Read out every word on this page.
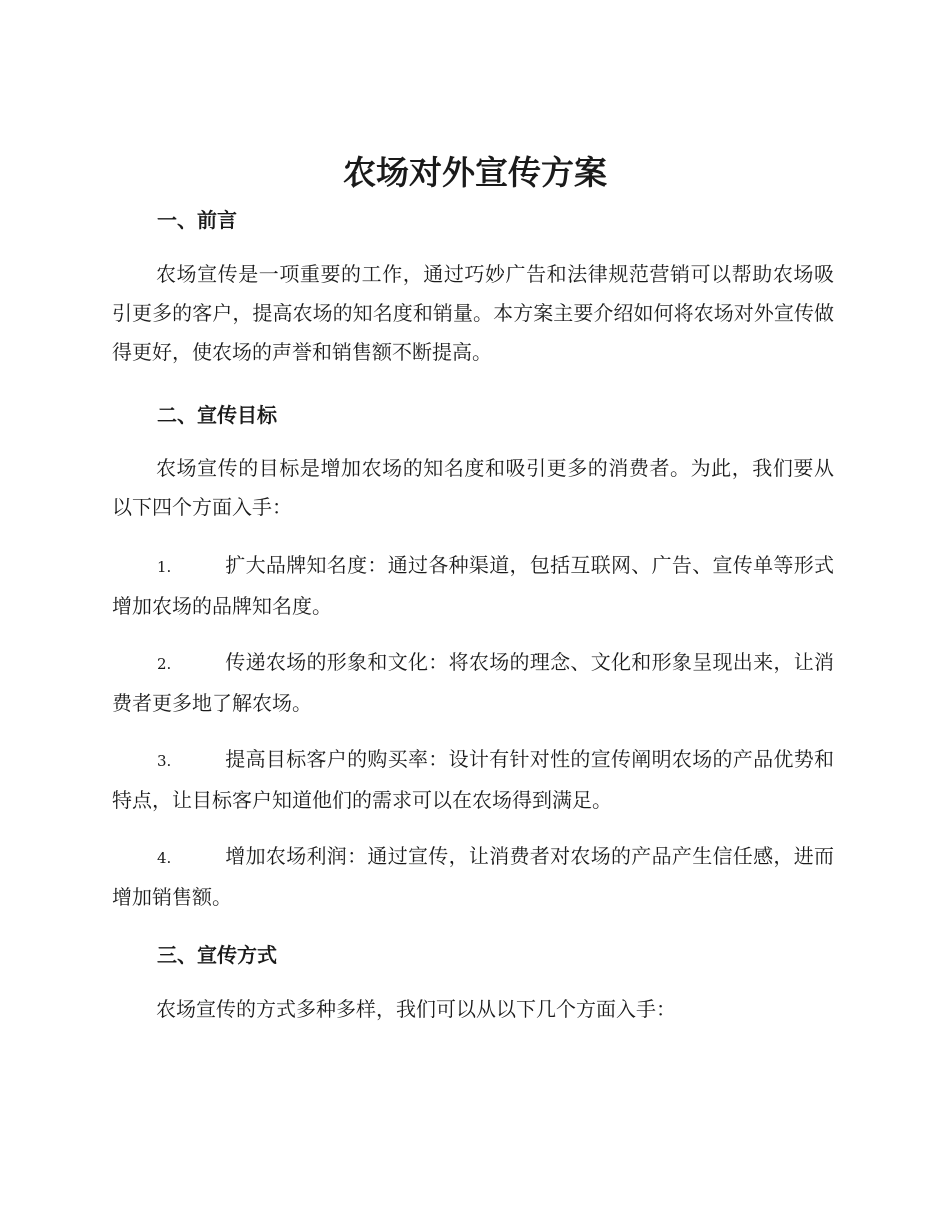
农场对外宣传方案
一、前言

农场宣传是一项重要的工作，通过巧妙广告和法律规范营销可以帮助农场吸引更多的客户，提高农场的知名度和销量。本方案主要介绍如何将农场对外宣传做得更好，使农场的声誉和销售额不断提高。

二、宣传目标

农场宣传的目标是增加农场的知名度和吸引更多的消费者。为此，我们要从以下四个方面入手：

1.	扩大品牌知名度：通过各种渠道，包括互联网、广告、宣传单等形式增加农场的品牌知名度。

2.	传递农场的形象和文化：将农场的理念、文化和形象呈现出来，让消费者更多地了解农场。

3.	提高目标客户的购买率：设计有针对性的宣传阐明农场的产品优势和特点，让目标客户知道他们的需求可以在农场得到满足。

4.	增加农场利润：通过宣传，让消费者对农场的产品产生信任感，进而增加销售额。

三、宣传方式

农场宣传的方式多种多样，我们可以从以下几个方面入手：
